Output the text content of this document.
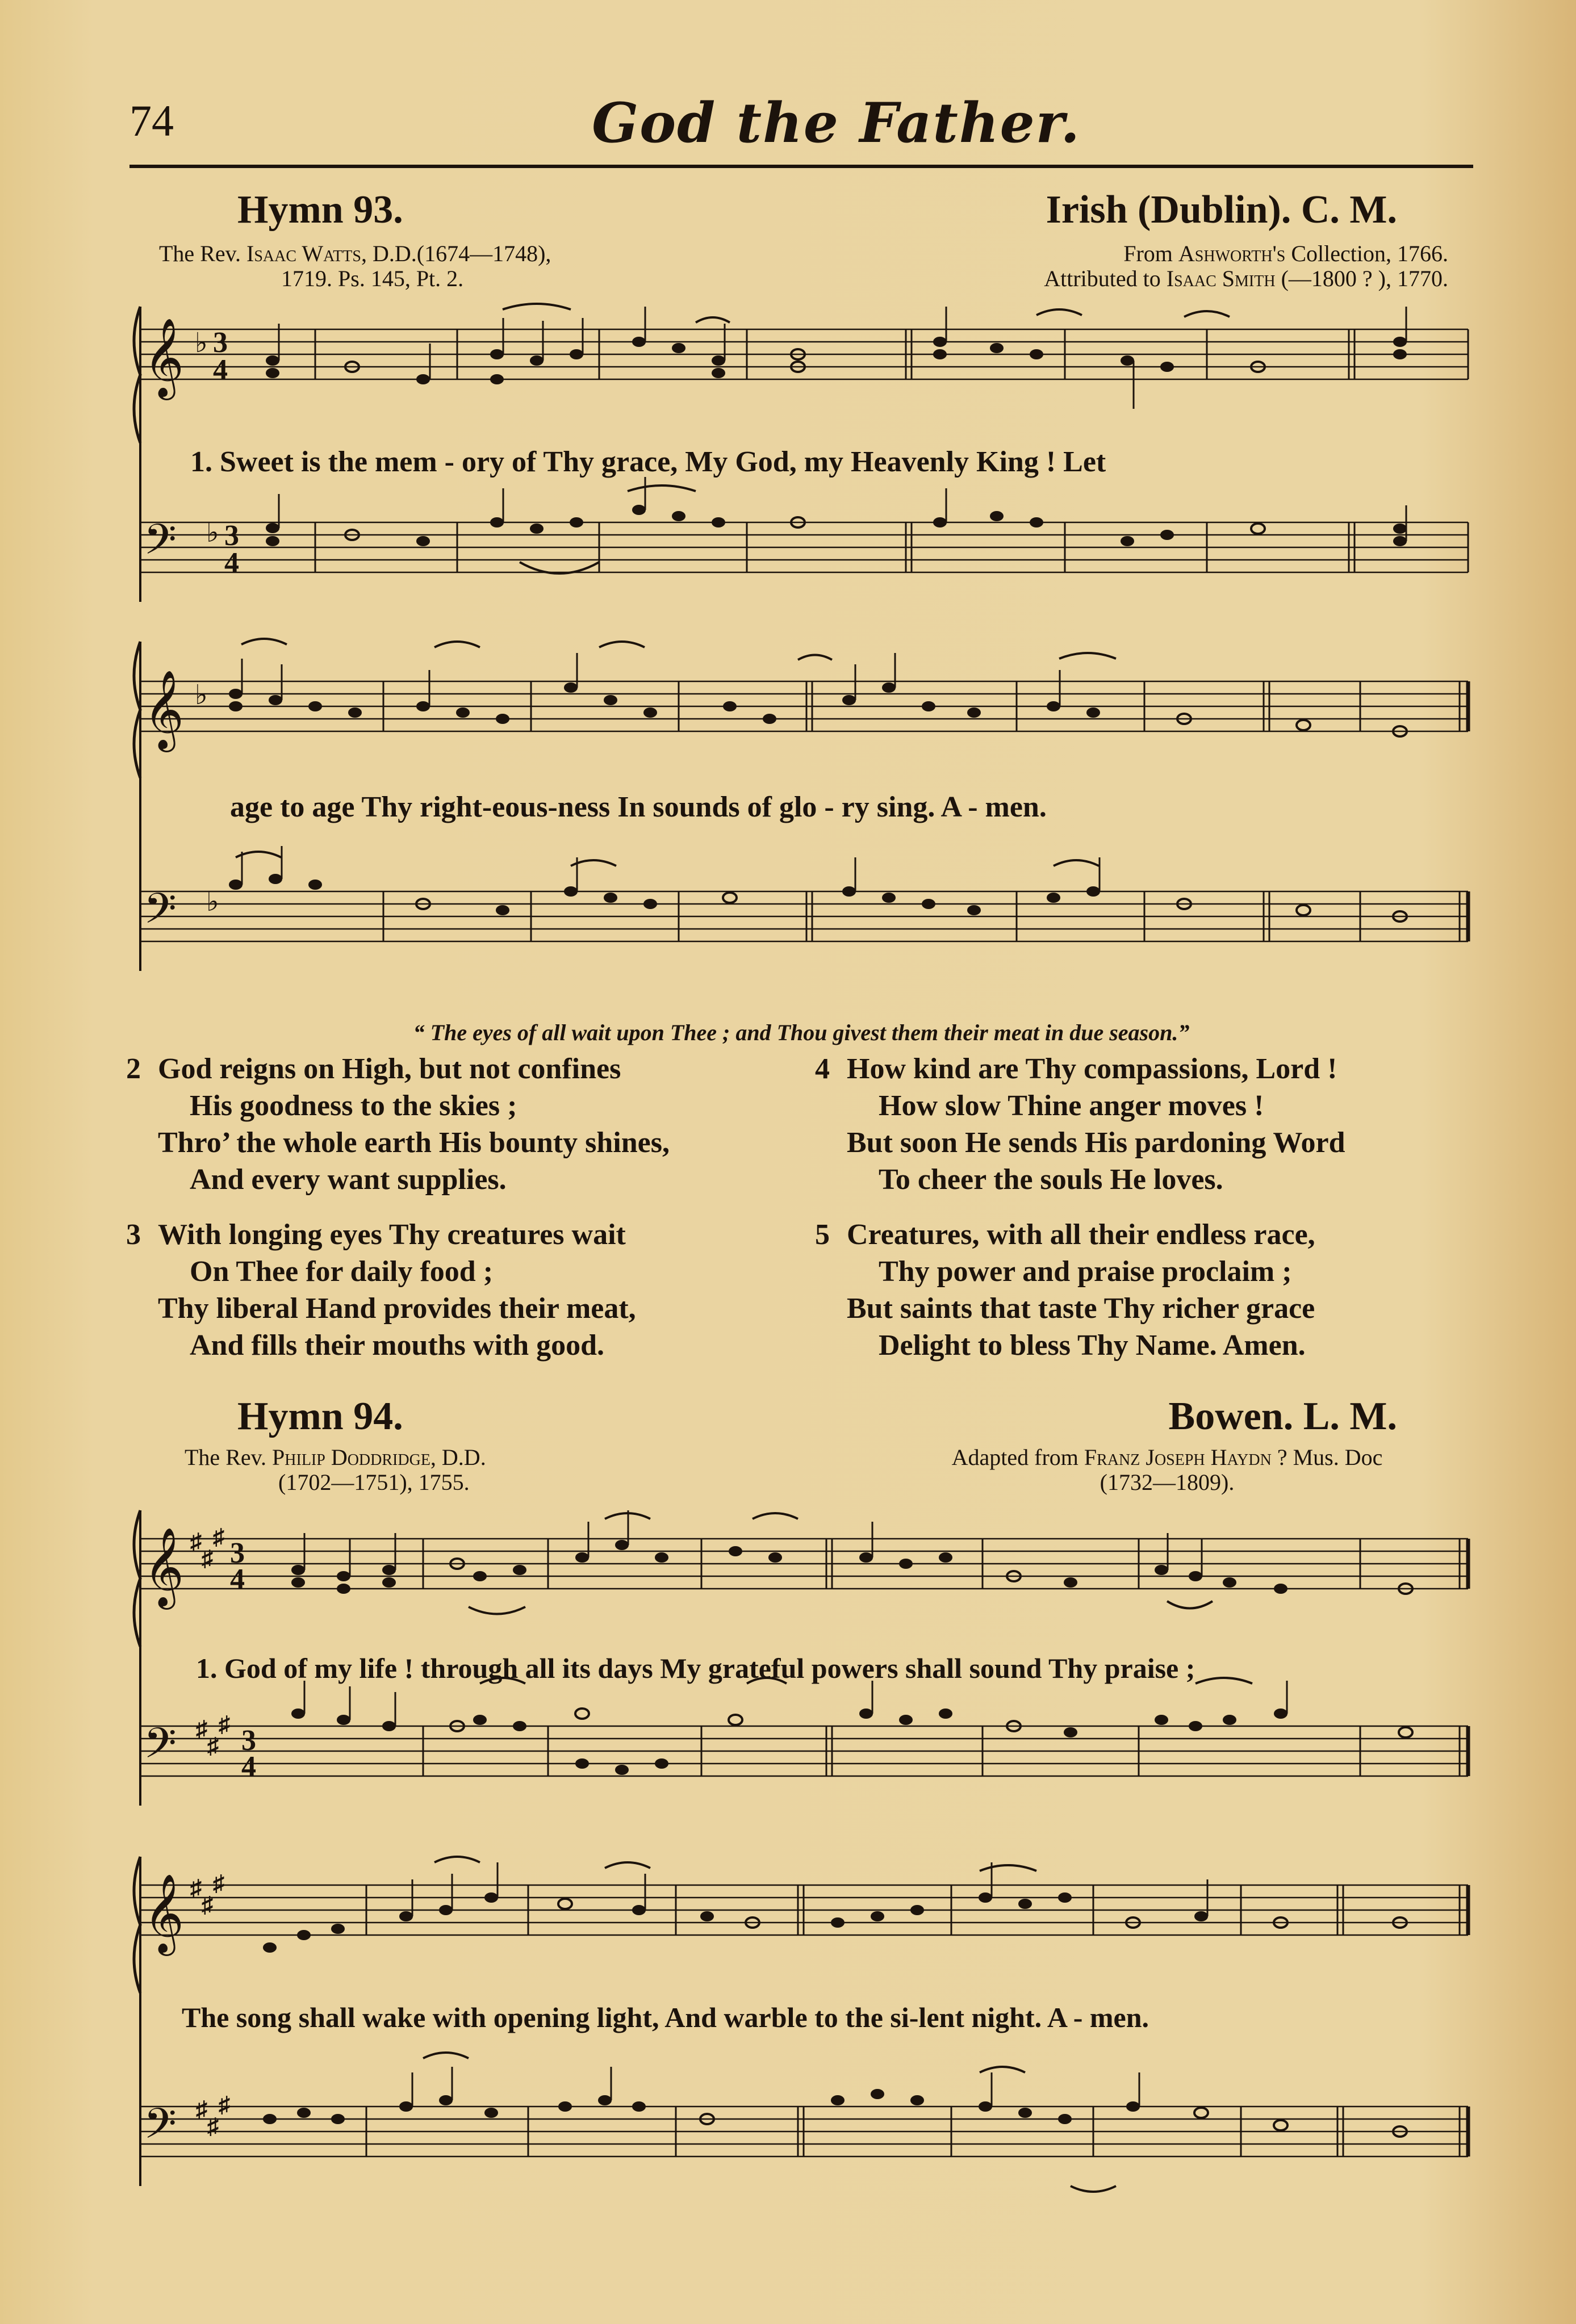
74	God the Father.
Hymn 93.	Irish (Dublin). C. M.
The Rev. Isaac Watts, D.D.(1674—1748),
1719. Ps. 145, Pt. 2.
From Ashworth's Collection, 1766.
Attributed to Isaac Smith (—1800 ? ), 1770.
𝄞
𝄢
♭
♭
3
4
3
4
1. Sweet is the mem - ory of Thy grace, My God, my Heavenly King ! Let
𝄞
𝄢
♭
♭
age to age Thy right-eous-ness In sounds of glo - ry sing. A - men.
“ The eyes of all wait upon Thee ; and Thou givest them their meat in due season.”
2 God reigns on High, but not confines
His goodness to the skies ;
Thro’ the whole earth His bounty shines,
And every want supplies.
3 With longing eyes Thy creatures wait
On Thee for daily food ;
Thy liberal Hand provides their meat,
And fills their mouths with good.
4 How kind are Thy compassions, Lord !
How slow Thine anger moves !
But soon He sends His pardoning Word
To cheer the souls He loves.
5 Creatures, with all their endless race,
Thy power and praise proclaim ;
But saints that taste Thy richer grace
Delight to bless Thy Name. Amen.
Hymn 94.	Bowen. L. M.
The Rev. Philip Doddridge, D.D.
(1702—1751), 1755.
Adapted from Franz Joseph Haydn ? Mus. Doc
(1732—1809).
𝄞
𝄢
♯
♯
♯
♯
♯
♯
3
4
3
4
1. God of my life ! through all its days My grateful powers shall sound Thy praise ;
𝄞
𝄢
♯
♯
♯
♯
♯
♯
The song shall wake with opening light, And warble to the si-lent night. A - men.
